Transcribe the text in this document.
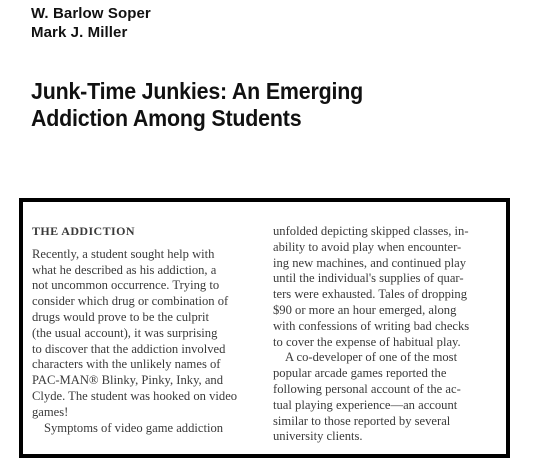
W. Barlow Soper
Mark J. Miller
Junk-Time Junkies: An Emerging
Addiction Among Students
THE ADDICTION
Recently, a student sought help with
what he described as his addiction, a
not uncommon occurrence. Trying to
consider which drug or combination of
drugs would prove to be the culprit
(the usual account), it was surprising
to discover that the addiction involved
characters with the unlikely names of
PAC-MAN® Blinky, Pinky, Inky, and
Clyde. The student was hooked on video
games!
Symptoms of video game addiction
unfolded depicting skipped classes, in-
ability to avoid play when encounter-
ing new machines, and continued play
until the individual's supplies of quar-
ters were exhausted. Tales of dropping
$90 or more an hour emerged, along
with confessions of writing bad checks
to cover the expense of habitual play.
A co-developer of one of the most
popular arcade games reported the
following personal account of the ac-
tual playing experience—an account
similar to those reported by several
university clients.
